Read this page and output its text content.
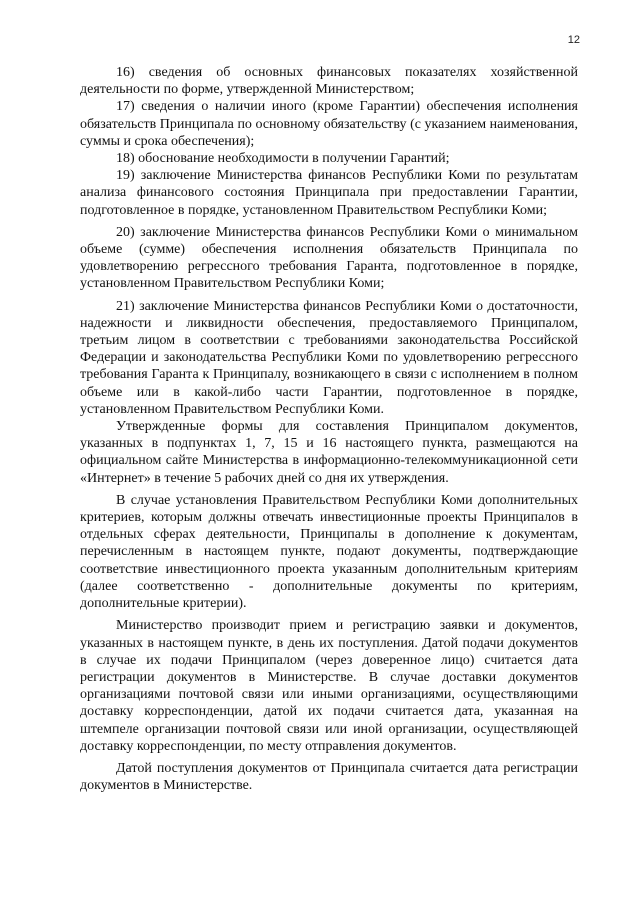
12

16) сведения об основных финансовых показателях хозяйственной деятельности по форме, утвержденной Министерством;

17) сведения о наличии иного (кроме Гарантии) обеспечения исполнения обязательств Принципала по основному обязательству (с указанием наименования, суммы и срока обеспечения);

18) обоснование необходимости в получении Гарантий;

19) заключение Министерства финансов Республики Коми по результатам анализа финансового состояния Принципала при предоставлении Гарантии, подготовленное в порядке, установленном Правительством Республики Коми;

20) заключение Министерства финансов Республики Коми о минимальном объеме (сумме) обеспечения исполнения обязательств Принципала по удовлетворению регрессного требования Гаранта, подготовленное в порядке, установленном Правительством Республики Коми;

21) заключение Министерства финансов Республики Коми о достаточности, надежности и ликвидности обеспечения, предоставляемого Принципалом, третьим лицом в соответствии с требованиями законодательства Российской Федерации и законодательства Республики Коми по удовлетворению регрессного требования Гаранта к Принципалу, возникающего в связи с исполнением в полном объеме или в какой-либо части Гарантии, подготовленное в порядке, установленном Правительством Республики Коми.

Утвержденные формы для составления Принципалом документов, указанных в подпунктах 1, 7, 15 и 16 настоящего пункта, размещаются на официальном сайте Министерства в информационно-телекоммуникационной сети «Интернет» в течение 5 рабочих дней со дня их утверждения.

В случае установления Правительством Республики Коми дополнительных критериев, которым должны отвечать инвестиционные проекты Принципалов в отдельных сферах деятельности, Принципалы в дополнение к документам, перечисленным в настоящем пункте, подают документы, подтверждающие соответствие инвестиционного проекта указанным дополнительным критериям (далее соответственно - дополнительные документы по критериям, дополнительные критерии).

Министерство производит прием и регистрацию заявки и документов, указанных в настоящем пункте, в день их поступления. Датой подачи документов в случае их подачи Принципалом (через доверенное лицо) считается дата регистрации документов в Министерстве. В случае доставки документов организациями почтовой связи или иными организациями, осуществляющими доставку корреспонденции, датой их подачи считается дата, указанная на штемпеле организации почтовой связи или иной организации, осуществляющей доставку корреспонденции, по месту отправления документов.

Датой поступления документов от Принципала считается дата регистрации документов в Министерстве.
